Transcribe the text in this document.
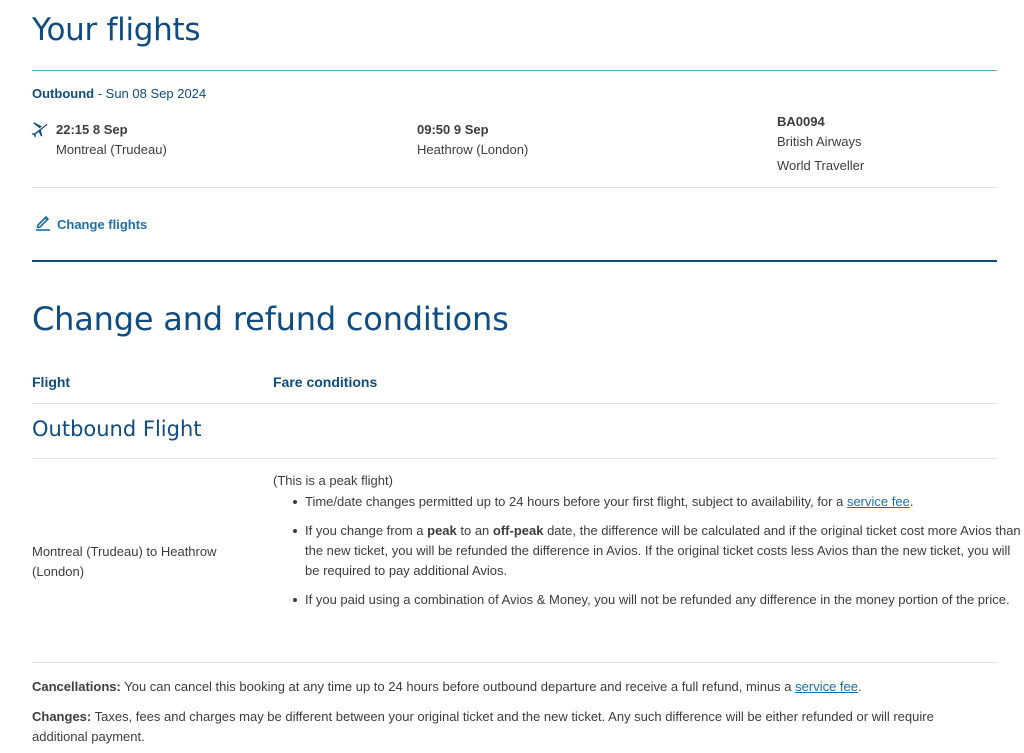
Your flights
Outbound - Sun 08 Sep 2024
22:15 8 Sep
Montreal (Trudeau)
09:50 9 Sep
Heathrow (London)
BA0094
British Airways
World Traveller
Change flights
Change and refund conditions
Flight	Fare conditions
Outbound Flight
Montreal (Trudeau) to Heathrow (London)
(This is a peak flight)
Time/date changes permitted up to 24 hours before your first flight, subject to availability, for a service fee.
If you change from a peak to an off-peak date, the difference will be calculated and if the original ticket cost more Avios than the new ticket, you will be refunded the difference in Avios. If the original ticket costs less Avios than the new ticket, you will be required to pay additional Avios.
If you paid using a combination of Avios & Money, you will not be refunded any difference in the money portion of the price.
Cancellations: You can cancel this booking at any time up to 24 hours before outbound departure and receive a full refund, minus a service fee.
Changes: Taxes, fees and charges may be different between your original ticket and the new ticket. Any such difference will be either refunded or will require additional payment.
